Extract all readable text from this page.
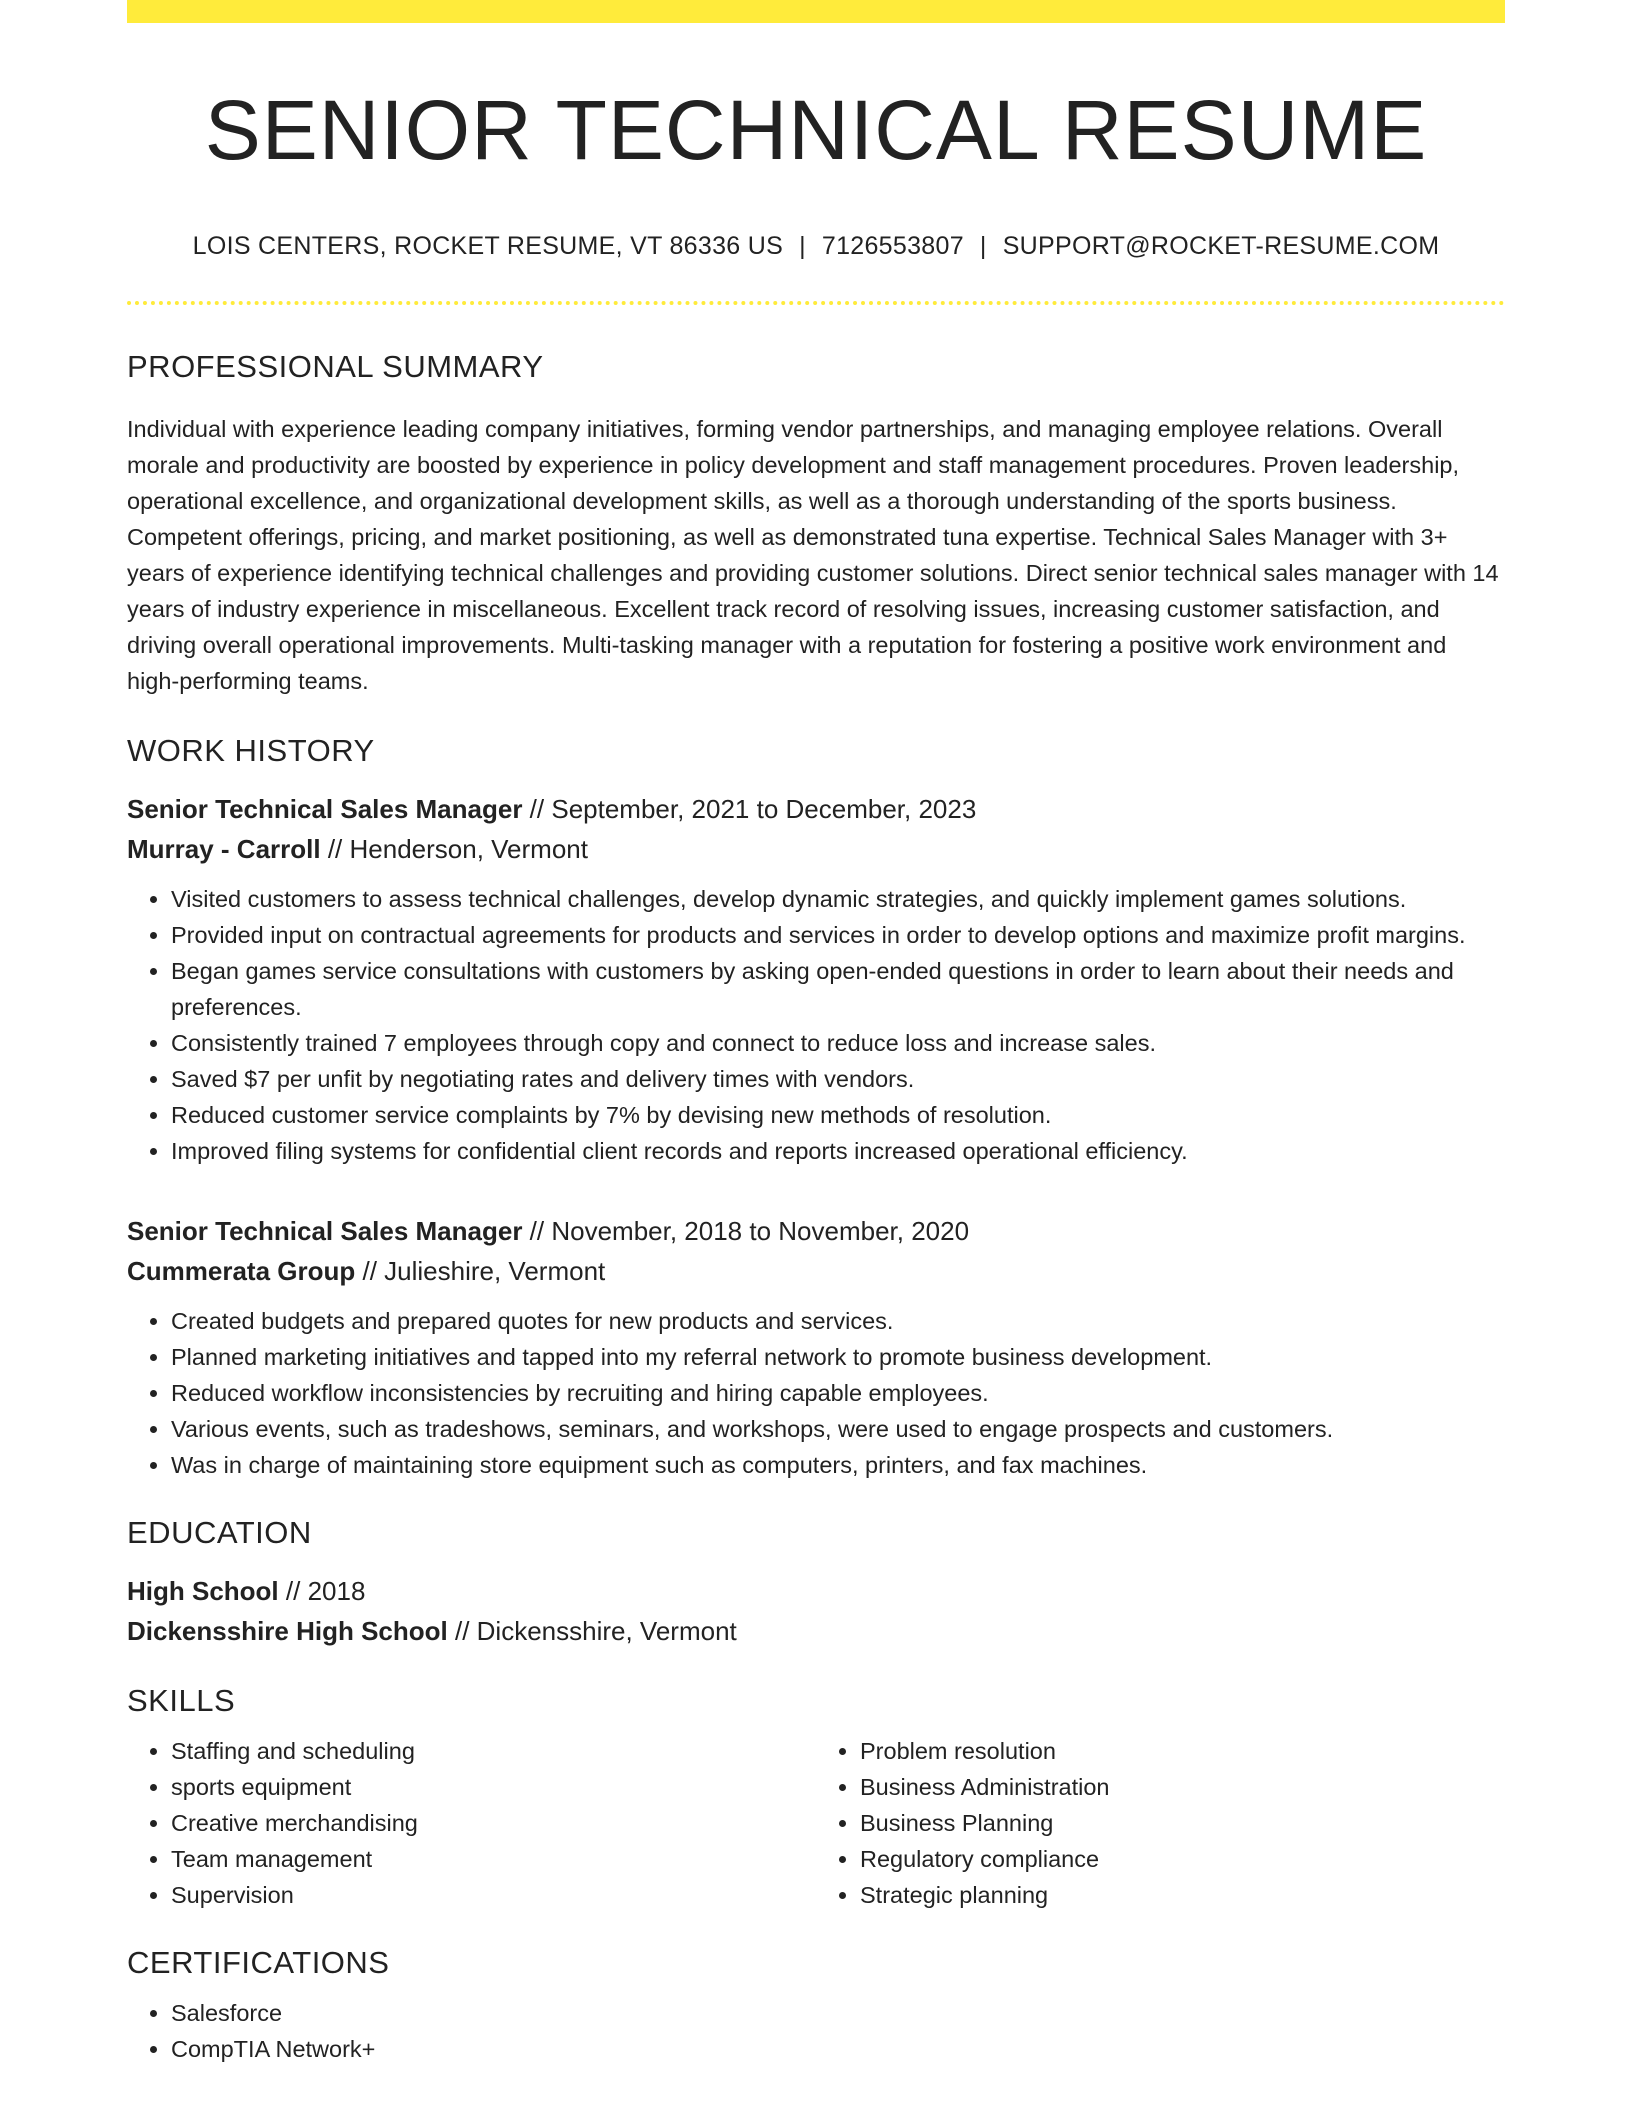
SENIOR TECHNICAL RESUME
LOIS CENTERS, ROCKET RESUME, VT 86336 US | 7126553807 | SUPPORT@ROCKET-RESUME.COM
PROFESSIONAL SUMMARY
Individual with experience leading company initiatives, forming vendor partnerships, and managing employee relations. Overall morale and productivity are boosted by experience in policy development and staff management procedures. Proven leadership, operational excellence, and organizational development skills, as well as a thorough understanding of the sports business. Competent offerings, pricing, and market positioning, as well as demonstrated tuna expertise. Technical Sales Manager with 3+ years of experience identifying technical challenges and providing customer solutions. Direct senior technical sales manager with 14 years of industry experience in miscellaneous. Excellent track record of resolving issues, increasing customer satisfaction, and driving overall operational improvements. Multi-tasking manager with a reputation for fostering a positive work environment and high-performing teams.
WORK HISTORY
Senior Technical Sales Manager // September, 2021 to December, 2023
Murray - Carroll // Henderson, Vermont
• Visited customers to assess technical challenges, develop dynamic strategies, and quickly implement games solutions.
• Provided input on contractual agreements for products and services in order to develop options and maximize profit margins.
• Began games service consultations with customers by asking open-ended questions in order to learn about their needs and preferences.
• Consistently trained 7 employees through copy and connect to reduce loss and increase sales.
• Saved $7 per unfit by negotiating rates and delivery times with vendors.
• Reduced customer service complaints by 7% by devising new methods of resolution.
• Improved filing systems for confidential client records and reports increased operational efficiency.
Senior Technical Sales Manager // November, 2018 to November, 2020
Cummerata Group // Julieshire, Vermont
• Created budgets and prepared quotes for new products and services.
• Planned marketing initiatives and tapped into my referral network to promote business development.
• Reduced workflow inconsistencies by recruiting and hiring capable employees.
• Various events, such as tradeshows, seminars, and workshops, were used to engage prospects and customers.
• Was in charge of maintaining store equipment such as computers, printers, and fax machines.
EDUCATION
High School // 2018
Dickensshire High School // Dickensshire, Vermont
SKILLS
• Staffing and scheduling
• sports equipment
• Creative merchandising
• Team management
• Supervision
• Problem resolution
• Business Administration
• Business Planning
• Regulatory compliance
• Strategic planning
CERTIFICATIONS
• Salesforce
• CompTIA Network+
